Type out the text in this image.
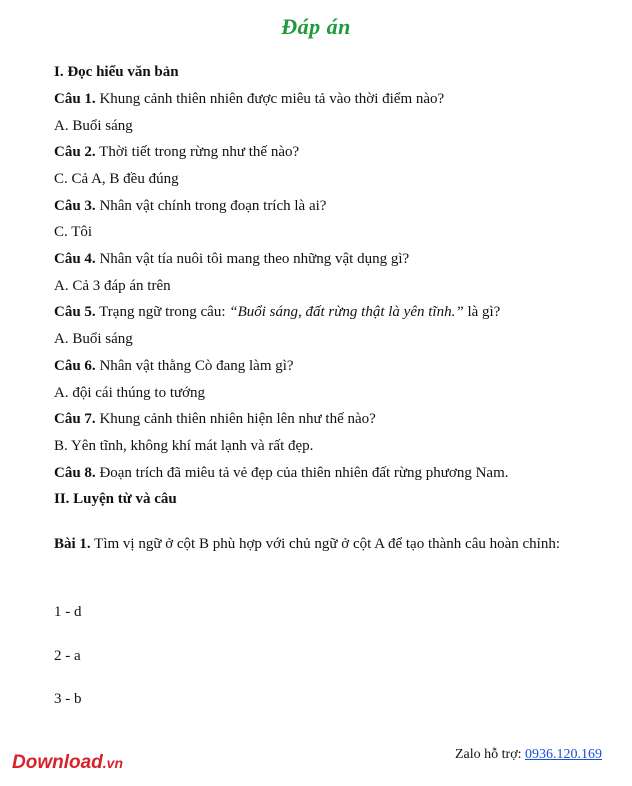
Đáp án
I. Đọc hiểu văn bản
Câu 1. Khung cảnh thiên nhiên được miêu tả vào thời điểm nào?
A. Buổi sáng
Câu 2. Thời tiết trong rừng như thế nào?
C. Cả A, B đều đúng
Câu 3. Nhân vật chính trong đoạn trích là ai?
C. Tôi
Câu 4. Nhân vật tía nuôi tôi mang theo những vật dụng gì?
A. Cả 3 đáp án trên
Câu 5. Trạng ngữ trong câu: “Buổi sáng, đất rừng thật là yên tĩnh.” là gì?
A. Buổi sáng
Câu 6. Nhân vật thằng Cò đang làm gì?
A. đội cái thúng to tướng
Câu 7. Khung cảnh thiên nhiên hiện lên như thế nào?
B. Yên tĩnh, không khí mát lạnh và rất đẹp.
Câu 8. Đoạn trích đã miêu tả vẻ đẹp của thiên nhiên đất rừng phương Nam.
II. Luyện từ và câu
Bài 1. Tìm vị ngữ ở cột B phù hợp với chủ ngữ ở cột A để tạo thành câu hoàn chỉnh:
1 - d
2 - a
3 - b
Download.vn
Zalo hỗ trợ: 0936.120.169
